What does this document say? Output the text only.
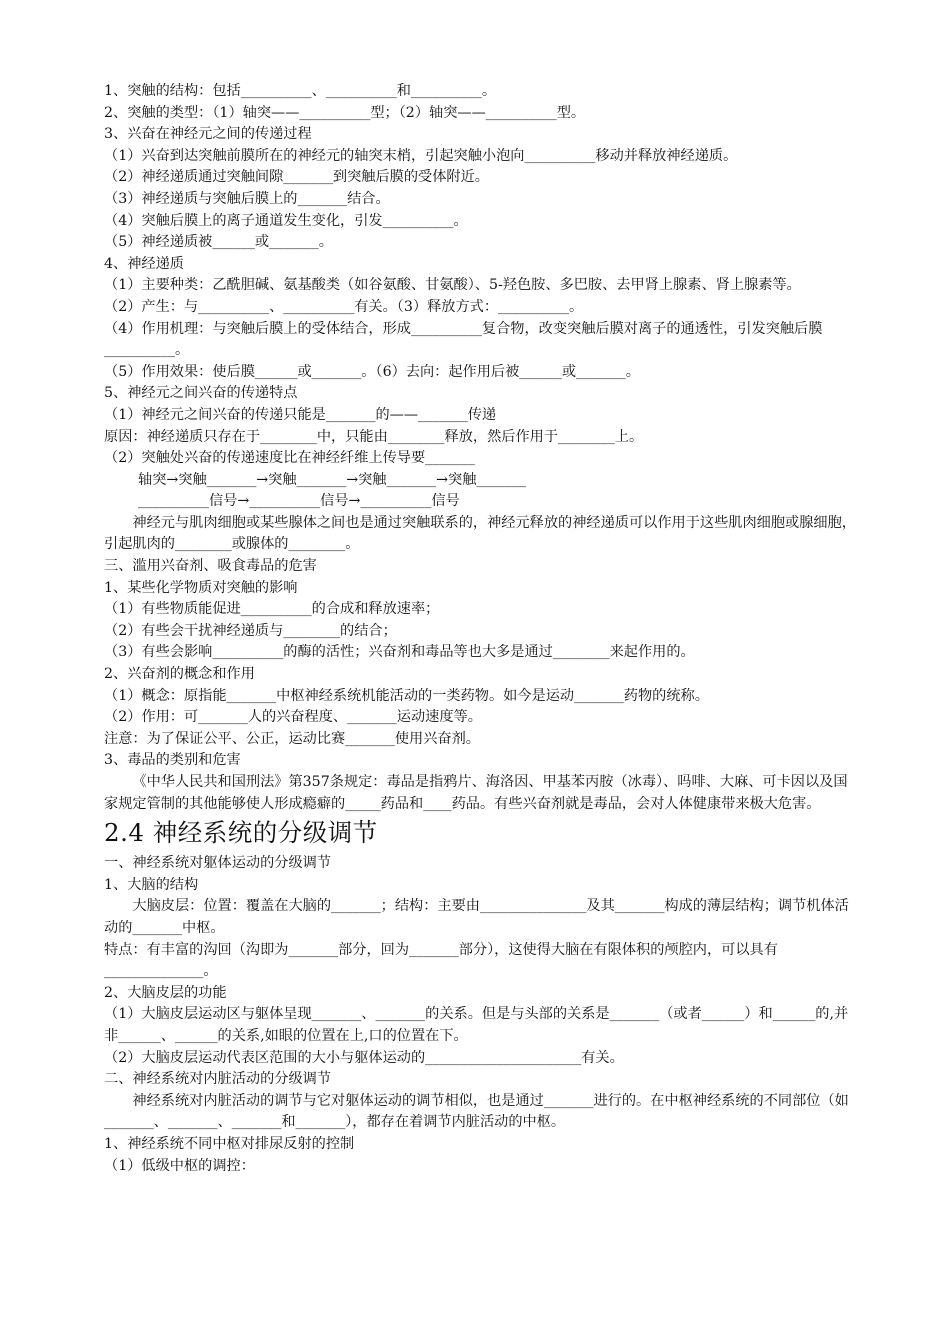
1、突触的结构：包括__________、__________和__________。
2、突触的类型：（1）轴突——__________型；（2）轴突——__________型。
3、兴奋在神经元之间的传递过程
（1）兴奋到达突触前膜所在的神经元的轴突末梢，引起突触小泡向__________移动并释放神经递质。
（2）神经递质通过突触间隙_______到突触后膜的受体附近。
（3）神经递质与突触后膜上的_______结合。
（4）突触后膜上的离子通道发生变化，引发__________。
（5）神经递质被______或_______。
4、神经递质
（1）主要种类：乙酰胆碱、氨基酸类（如谷氨酸、甘氨酸）、5-羟色胺、多巴胺、去甲肾上腺素、肾上腺素等。
（2）产生：与__________、__________有关。（3）释放方式：__________。
（4）作用机理：与突触后膜上的受体结合，形成__________复合物，改变突触后膜对离子的通透性，引发突触后膜__________。
（5）作用效果：使后膜______或_______。（6）去向：起作用后被______或_______。
5、神经元之间兴奋的传递特点
（1）神经元之间兴奋的传递只能是_______的——_______传递
原因：神经递质只存在于________中，只能由________释放，然后作用于________上。
（2）突触处兴奋的传递速度比在神经纤维上传导要_______
轴突→突触_______→突触_______→突触_______→突触_______
__________信号→__________信号→__________信号
神经元与肌肉细胞或某些腺体之间也是通过突触联系的，神经元释放的神经递质可以作用于这些肌肉细胞或腺细胞，引起肌肉的________或腺体的________。
三、滥用兴奋剂、吸食毒品的危害
1、某些化学物质对突触的影响
（1）有些物质能促进__________的合成和释放速率；
（2）有些会干扰神经递质与________的结合；
（3）有些会影响__________的酶的活性；兴奋剂和毒品等也大多是通过________来起作用的。
2、兴奋剂的概念和作用
（1）概念：原指能_______中枢神经系统机能活动的一类药物。如今是运动_______药物的统称。
（2）作用：可_______人的兴奋程度、_______运动速度等。
注意：为了保证公平、公正，运动比赛_______使用兴奋剂。
3、毒品的类别和危害
《中华人民共和国刑法》第357条规定：毒品是指鸦片、海洛因、甲基苯丙胺（冰毒）、吗啡、大麻、可卡因以及国家规定管制的其他能够使人形成瘾癖的_____药品和____药品。有些兴奋剂就是毒品，会对人体健康带来极大危害。
2.4 神经系统的分级调节
一、神经系统对躯体运动的分级调节
1、大脑的结构
大脑皮层：位置：覆盖在大脑的_______；结构：主要由_______________及其_______构成的薄层结构；调节机体活动的_______中枢。
特点：有丰富的沟回（沟即为_______部分，回为_______部分），这使得大脑在有限体积的颅腔内，可以具有______________。
2、大脑皮层的功能
（1）大脑皮层运动区与躯体呈现_______、_______的关系。但是与头部的关系是_______（或者______）和______的,并非______、______的关系,如眼的位置在上,口的位置在下。
（2）大脑皮层运动代表区范围的大小与躯体运动的______________________有关。
二、神经系统对内脏活动的分级调节
神经系统对内脏活动的调节与它对躯体运动的调节相似，也是通过_______进行的。在中枢神经系统的不同部位（如_______、_______、_______和_______），都存在着调节内脏活动的中枢。
1、神经系统不同中枢对排尿反射的控制
（1）低级中枢的调控：
